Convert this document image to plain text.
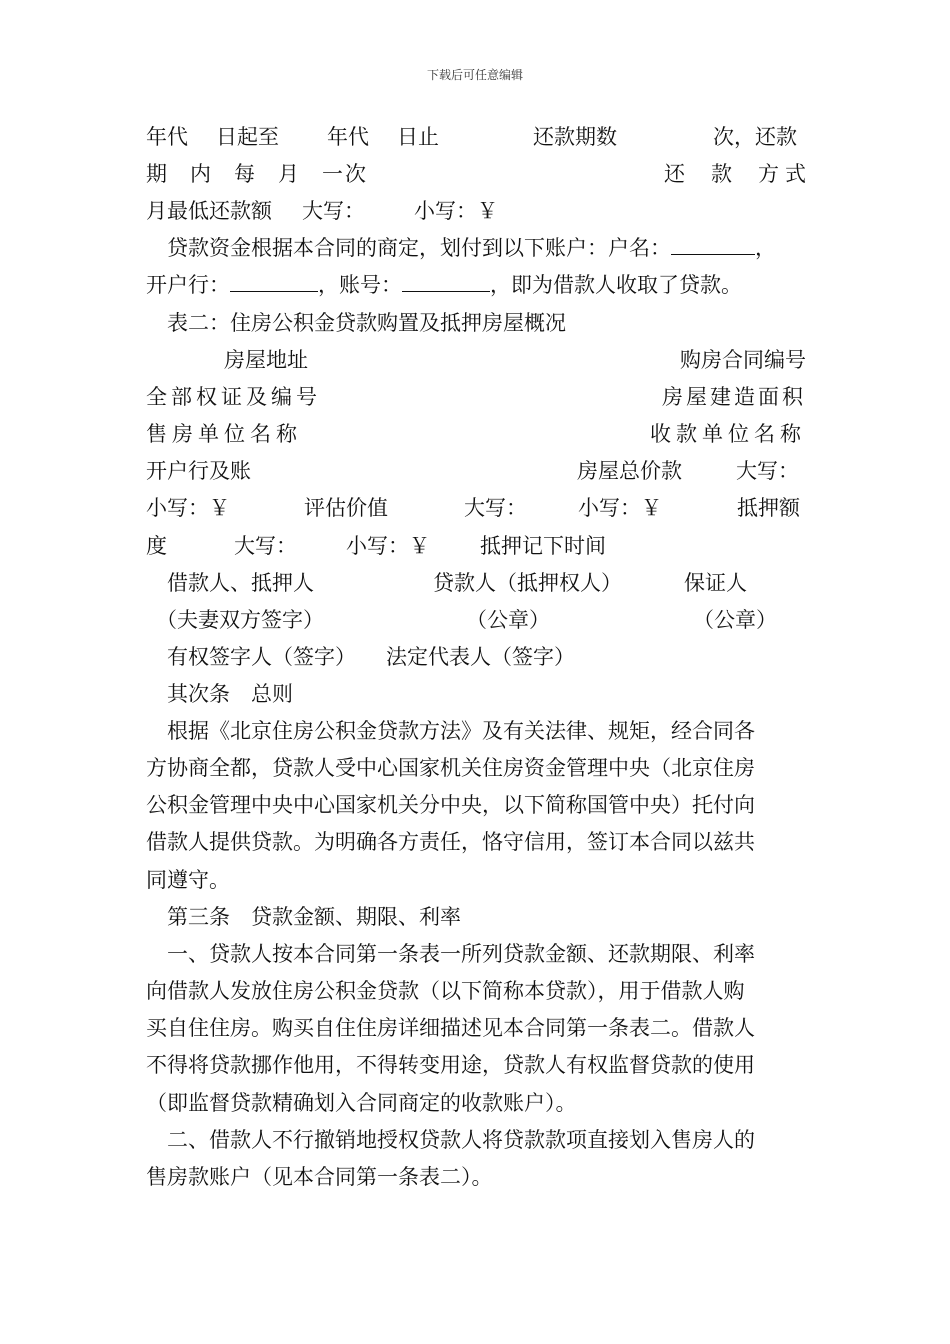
下载后可任意编辑
年代 日起至 年代 日止	还款期数	次，还款
期 内 每 月 一 次	还 款 方 式
月最低还款额 大写： 小写：￥
贷款资金根据本合同的商定，划付到以下账户：户名：	，
开户行：	，账号：	，即为借款人收取了贷款。
表二：住房公积金贷款购置及抵押房屋概况
房屋地址	购房合同编号
全部权证及编号	房屋建造面积
售房单位名称	收款单位名称
开户行及账	房屋总价款	大写：
小写：￥	评估价值	大写： 小写：￥	抵押额
度	大写： 小写：￥ 抵押记下时间
借款人、抵押人	贷款人（抵押权人）	保证人
（夫妻双方签字）	（公章）	（公章）
有权签字人（签字） 法定代表人（签字）
其次条　总则
根据《北京住房公积金贷款方法》及有关法律、规矩，经合同各
方协商全都，贷款人受中心国家机关住房资金管理中央（北京住房
公积金管理中央中心国家机关分中央，以下简称国管中央）托付向
借款人提供贷款。为明确各方责任，恪守信用，签订本合同以兹共
同遵守。
第三条　贷款金额、期限、利率
一、贷款人按本合同第一条表一所列贷款金额、还款期限、利率
向借款人发放住房公积金贷款（以下简称本贷款），用于借款人购
买自住住房。购买自住住房详细描述见本合同第一条表二。借款人
不得将贷款挪作他用，不得转变用途，贷款人有权监督贷款的使用
（即监督贷款精确划入合同商定的收款账户）。
二、借款人不行撤销地授权贷款人将贷款款项直接划入售房人的
售房款账户（见本合同第一条表二）。
